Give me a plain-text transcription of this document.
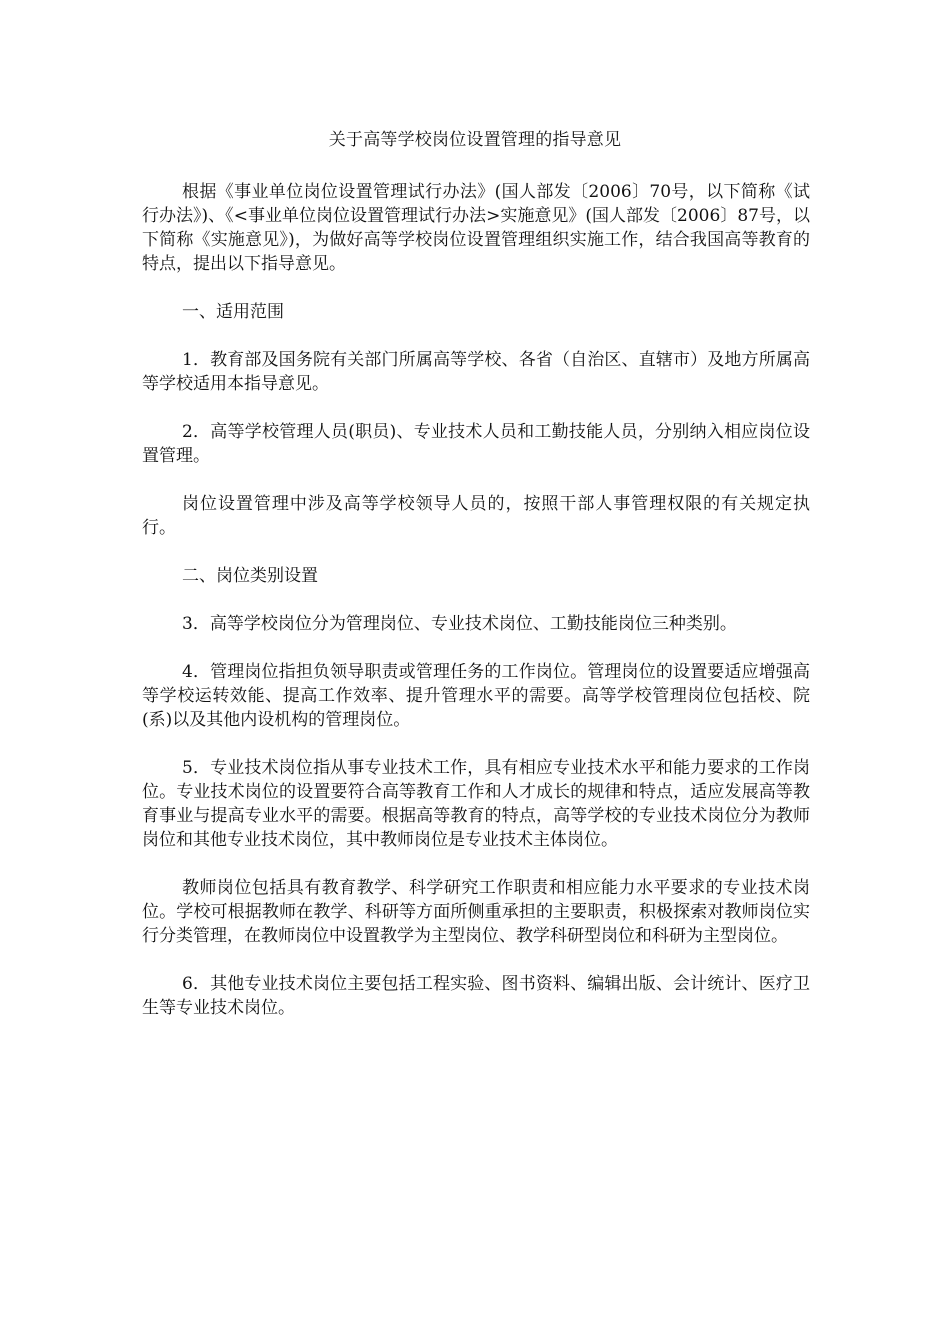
关于高等学校岗位设置管理的指导意见

根据《事业单位岗位设置管理试行办法》(国人部发〔2006〕70号，以下简称《试行办法》)、《<事业单位岗位设置管理试行办法>实施意见》(国人部发〔2006〕87号，以下简称《实施意见》)，为做好高等学校岗位设置管理组织实施工作，结合我国高等教育的特点，提出以下指导意见。

一、适用范围

1．教育部及国务院有关部门所属高等学校、各省（自治区、直辖市）及地方所属高等学校适用本指导意见。

2．高等学校管理人员(职员)、专业技术人员和工勤技能人员，分别纳入相应岗位设置管理。

岗位设置管理中涉及高等学校领导人员的，按照干部人事管理权限的有关规定执行。

二、岗位类别设置

3．高等学校岗位分为管理岗位、专业技术岗位、工勤技能岗位三种类别。

4．管理岗位指担负领导职责或管理任务的工作岗位。管理岗位的设置要适应增强高等学校运转效能、提高工作效率、提升管理水平的需要。高等学校管理岗位包括校、院(系)以及其他内设机构的管理岗位。

5．专业技术岗位指从事专业技术工作，具有相应专业技术水平和能力要求的工作岗位。专业技术岗位的设置要符合高等教育工作和人才成长的规律和特点，适应发展高等教育事业与提高专业水平的需要。根据高等教育的特点，高等学校的专业技术岗位分为教师岗位和其他专业技术岗位，其中教师岗位是专业技术主体岗位。

教师岗位包括具有教育教学、科学研究工作职责和相应能力水平要求的专业技术岗位。学校可根据教师在教学、科研等方面所侧重承担的主要职责，积极探索对教师岗位实行分类管理，在教师岗位中设置教学为主型岗位、教学科研型岗位和科研为主型岗位。

6．其他专业技术岗位主要包括工程实验、图书资料、编辑出版、会计统计、医疗卫生等专业技术岗位。
